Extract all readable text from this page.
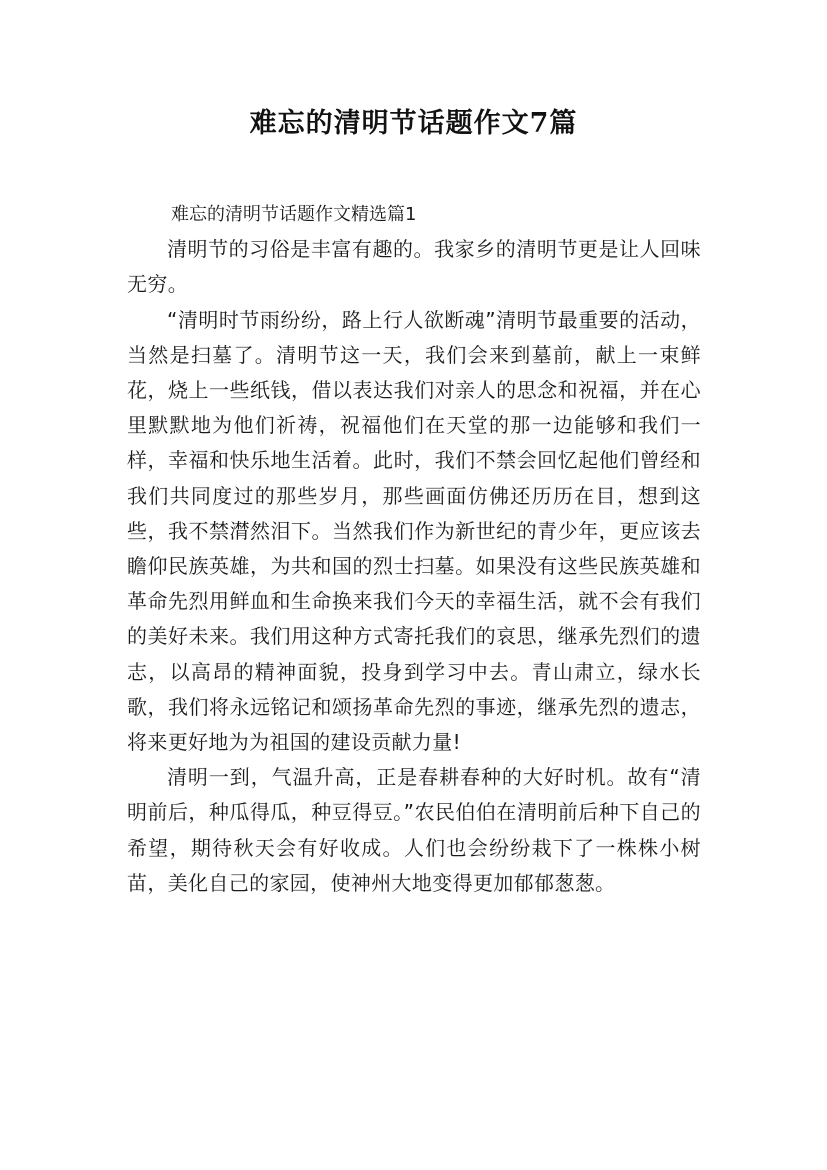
难忘的清明节话题作文7篇

难忘的清明节话题作文精选篇1

清明节的习俗是丰富有趣的。我家乡的清明节更是让人回味无穷。

“清明时节雨纷纷，路上行人欲断魂”清明节最重要的活动，当然是扫墓了。清明节这一天，我们会来到墓前，献上一束鲜花，烧上一些纸钱，借以表达我们对亲人的思念和祝福，并在心里默默地为他们祈祷，祝福他们在天堂的那一边能够和我们一样，幸福和快乐地生活着。此时，我们不禁会回忆起他们曾经和我们共同度过的那些岁月，那些画面仿佛还历历在目，想到这些，我不禁潸然泪下。当然我们作为新世纪的青少年，更应该去瞻仰民族英雄，为共和国的烈士扫墓。如果没有这些民族英雄和革命先烈用鲜血和生命换来我们今天的幸福生活，就不会有我们的美好未来。我们用这种方式寄托我们的哀思，继承先烈们的遗志，以高昂的精神面貌，投身到学习中去。青山肃立，绿水长歌，我们将永远铭记和颂扬革命先烈的事迹，继承先烈的遗志，将来更好地为为祖国的建设贡献力量!

清明一到，气温升高，正是春耕春种的大好时机。故有“清明前后，种瓜得瓜，种豆得豆。”农民伯伯在清明前后种下自己的希望，期待秋天会有好收成。人们也会纷纷栽下了一株株小树苗，美化自己的家园，使神州大地变得更加郁郁葱葱。
